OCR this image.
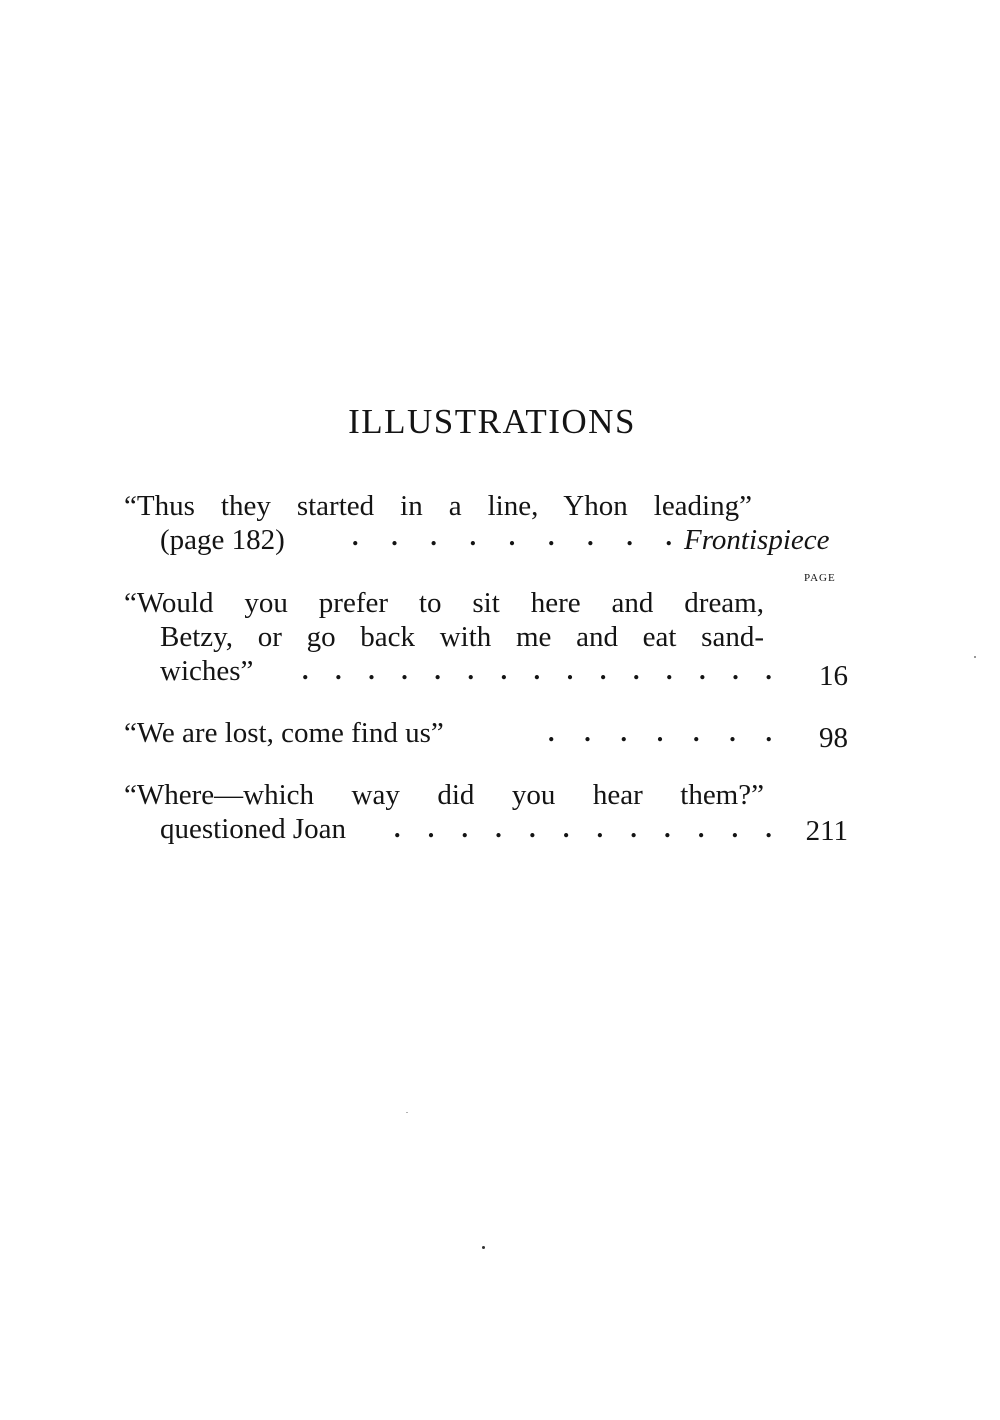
ILLUSTRATIONS
“Thus they started in a line, Yhon leading”
(page 182)	. . . . . . . . . Frontispiece
PAGE
“Would you prefer to sit here and dream,
Betzy, or go back with me and eat sand-
wiches” . . . . . . . . . . . . . . .	16
“We are lost, come find us”	. . . . . . .	98
“Where—which way did you hear them?”
questioned Joan . . . . . . . . . . . .	211
